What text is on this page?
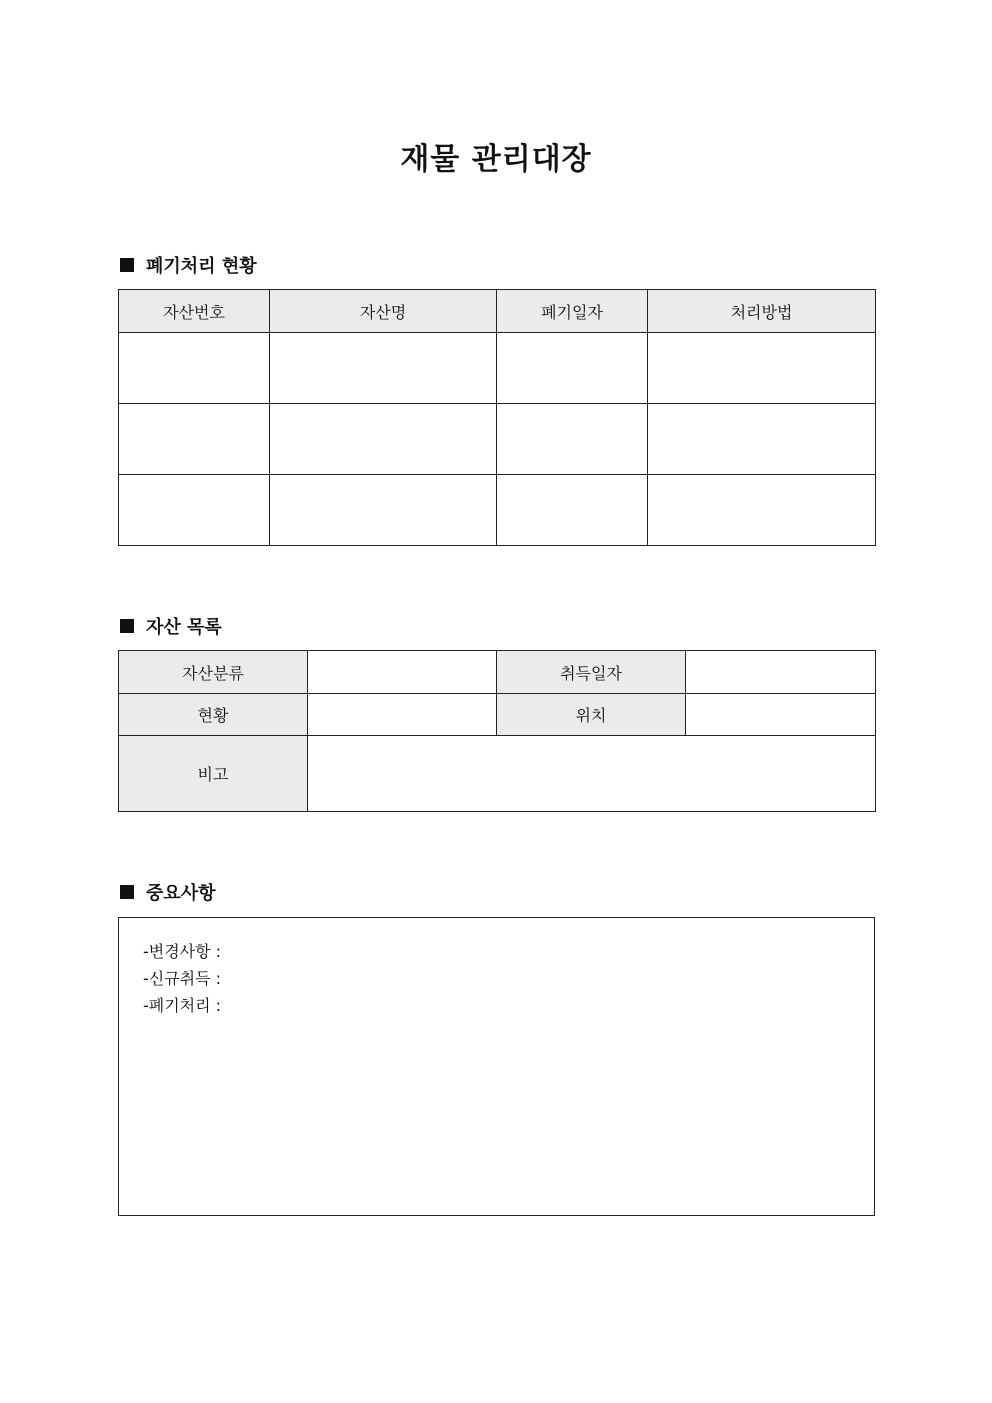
재물 관리대장
폐기처리 현황
자산번호	자산명	폐기일자	처리방법

자산 목록
자산분류		취득일자	
현황		위치	
비고			
중요사항
-변경사항 :
-신규취득 :
-폐기처리 :
